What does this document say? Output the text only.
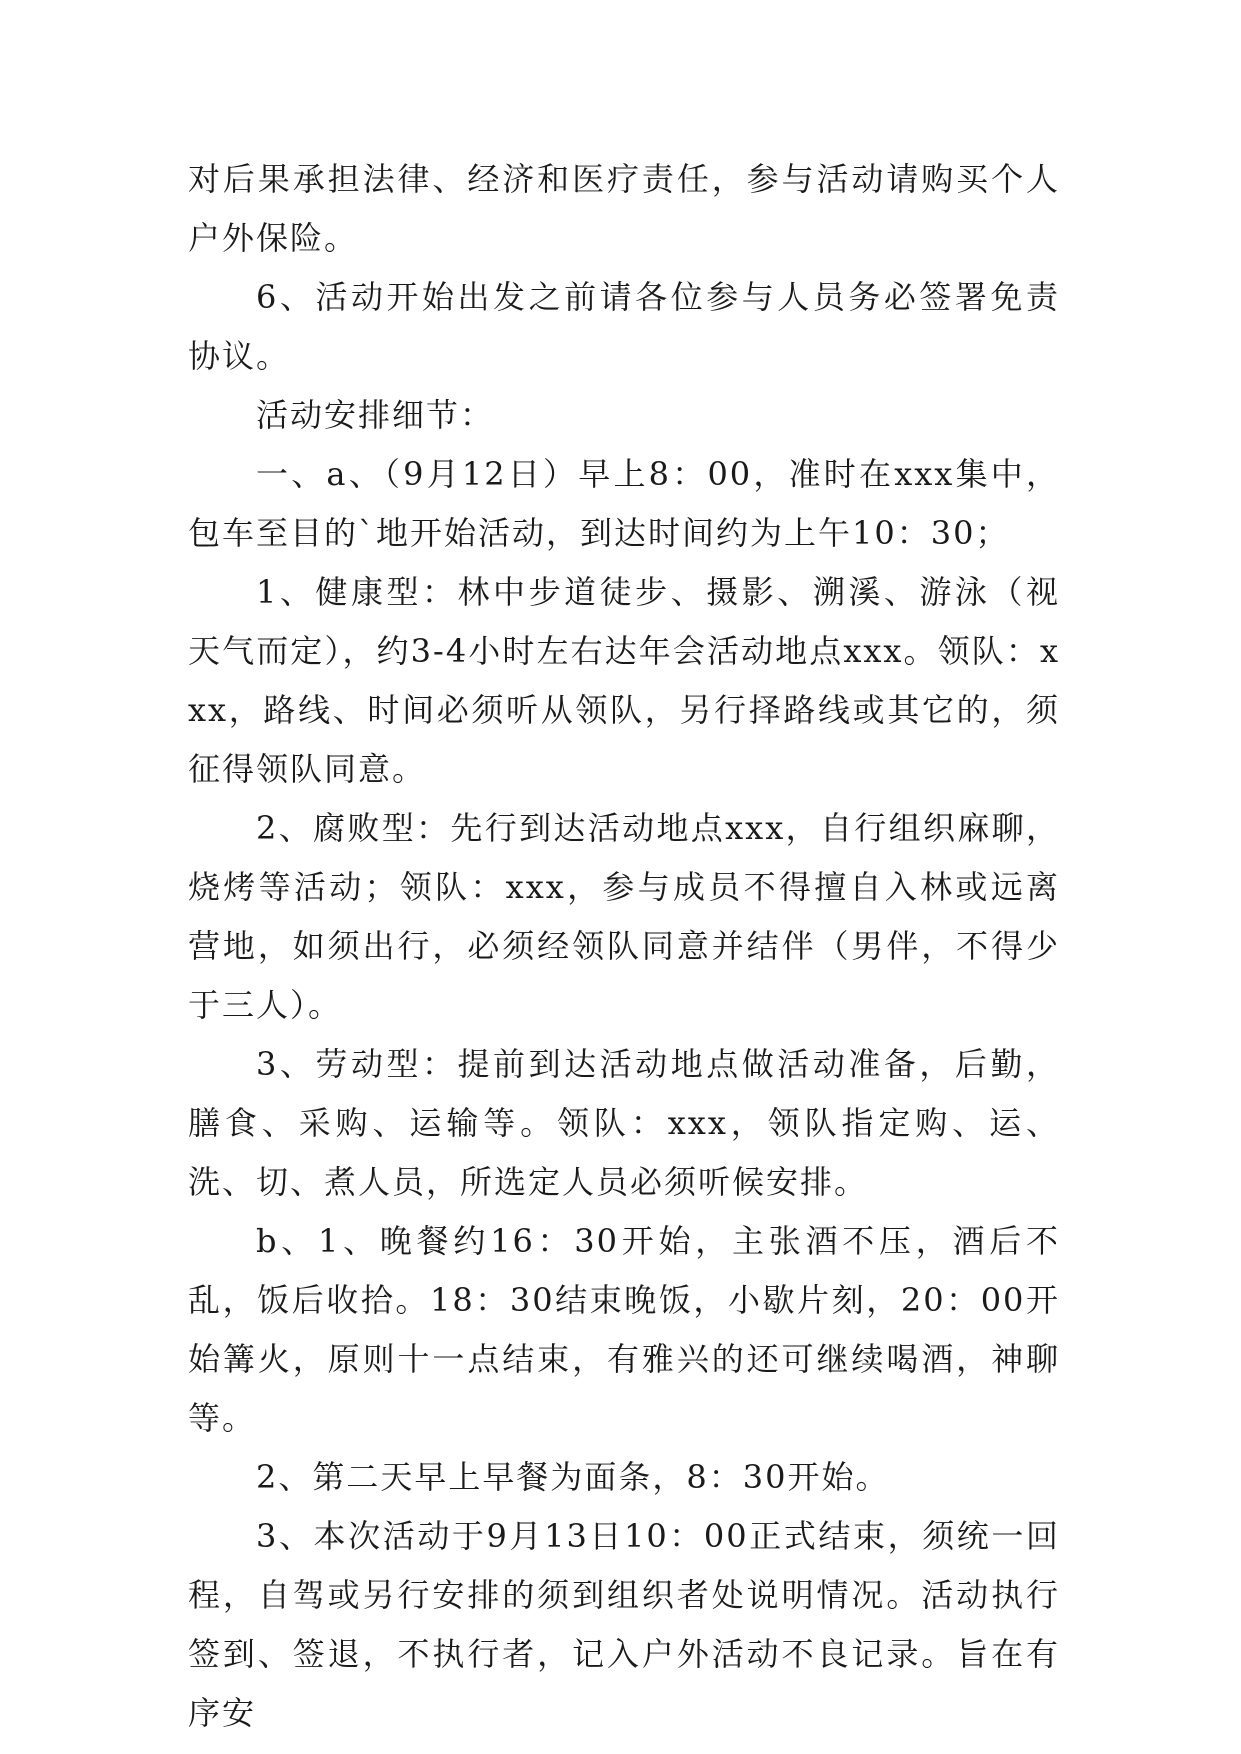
对后果承担法律、经济和医疗责任，参与活动请购买个人户外保险。

6、活动开始出发之前请各位参与人员务必签署免责协议。

活动安排细节：

一、a、（9月12日）早上8：00，准时在xxx集中，包车至目的`地开始活动，到达时间约为上午10：30；

1、健康型：林中步道徒步、摄影、溯溪、游泳（视天气而定），约3-4小时左右达年会活动地点xxx。领队：xxx，路线、时间必须听从领队，另行择路线或其它的，须征得领队同意。

2、腐败型：先行到达活动地点xxx，自行组织麻聊，烧烤等活动；领队：xxx，参与成员不得擅自入林或远离营地，如须出行，必须经领队同意并结伴（男伴，不得少于三人）。

3、劳动型：提前到达活动地点做活动准备，后勤，膳食、采购、运输等。领队：xxx，领队指定购、运、洗、切、煮人员，所选定人员必须听候安排。

b、1、晚餐约16：30开始，主张酒不压，酒后不乱，饭后收拾。18：30结束晚饭，小歇片刻，20：00开始篝火，原则十一点结束，有雅兴的还可继续喝酒，神聊等。

2、第二天早上早餐为面条，8：30开始。

3、本次活动于9月13日10：00正式结束，须统一回程，自驾或另行安排的须到组织者处说明情况。活动执行签到、签退，不执行者，记入户外活动不良记录。旨在有序安
